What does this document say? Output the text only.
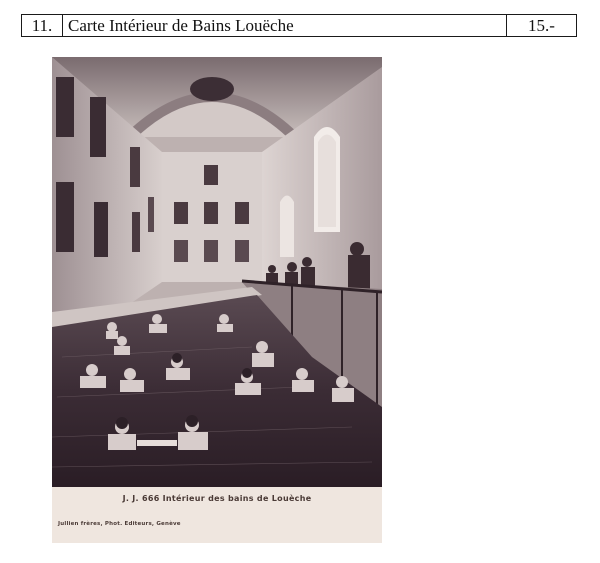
11. Carte Intérieur de Bains Louëche	15.-
J. J. 666 Intérieur des bains de Louèche
Jullien frères, Phot. Editeurs, Genève
